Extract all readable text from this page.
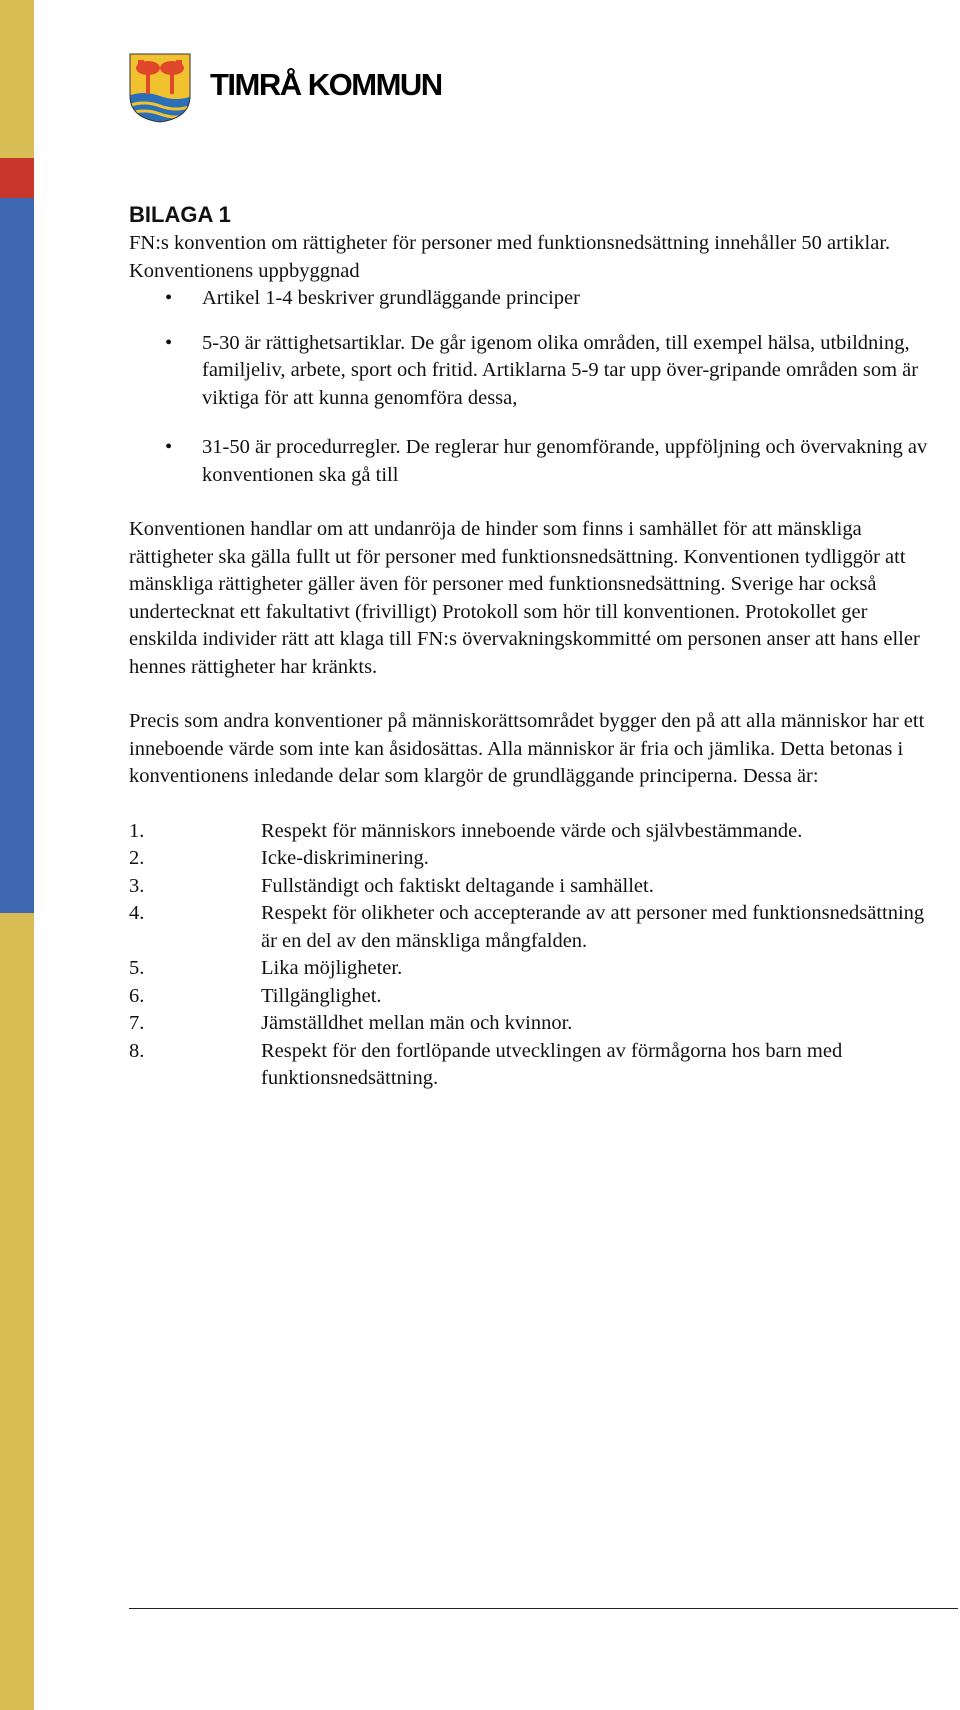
TIMRÅ KOMMUN
BILAGA 1

FN:s konvention om rättigheter för personer med funktionsnedsättning innehåller 50 artiklar.

Konventionens uppbyggnad

• Artikel 1-4 beskriver grundläggande principer
• 5-30 är rättighetsartiklar. De går igenom olika områden, till exempel hälsa, utbildning, familjeliv, arbete, sport och fritid. Artiklarna 5-9 tar upp över-gripande områden som är viktiga för att kunna genomföra dessa,
• 31-50 är procedurregler. De reglerar hur genomförande, uppföljning och övervakning av konventionen ska gå till

Konventionen handlar om att undanröja de hinder som finns i samhället för att mänskliga rättigheter ska gälla fullt ut för personer med funktionsnedsättning. Konventionen tydliggör att mänskliga rättigheter gäller även för personer med funktionsnedsättning. Sverige har också undertecknat ett fakultativt (frivilligt) Protokoll som hör till konventionen. Protokollet ger enskilda individer rätt att klaga till FN:s övervakningskommitté om personen anser att hans eller hennes rättigheter har kränkts.

Precis som andra konventioner på människorättsområdet bygger den på att alla människor har ett inneboende värde som inte kan åsidosättas. Alla människor är fria och jämlika. Detta betonas i konventionens inledande delar som klargör de grundläggande principerna. Dessa är:

1.	Respekt för människors inneboende värde och självbestämmande.
2.	Icke-diskriminering.
3.	Fullständigt och faktiskt deltagande i samhället.
4.	Respekt för olikheter och accepterande av att personer med funktionsnedsättning är en del av den mänskliga mångfalden.
5.	Lika möjligheter.
6.	Tillgänglighet.
7.	Jämställdhet mellan män och kvinnor.
8.	Respekt för den fortlöpande utvecklingen av förmågorna hos barn med funktionsnedsättning.
